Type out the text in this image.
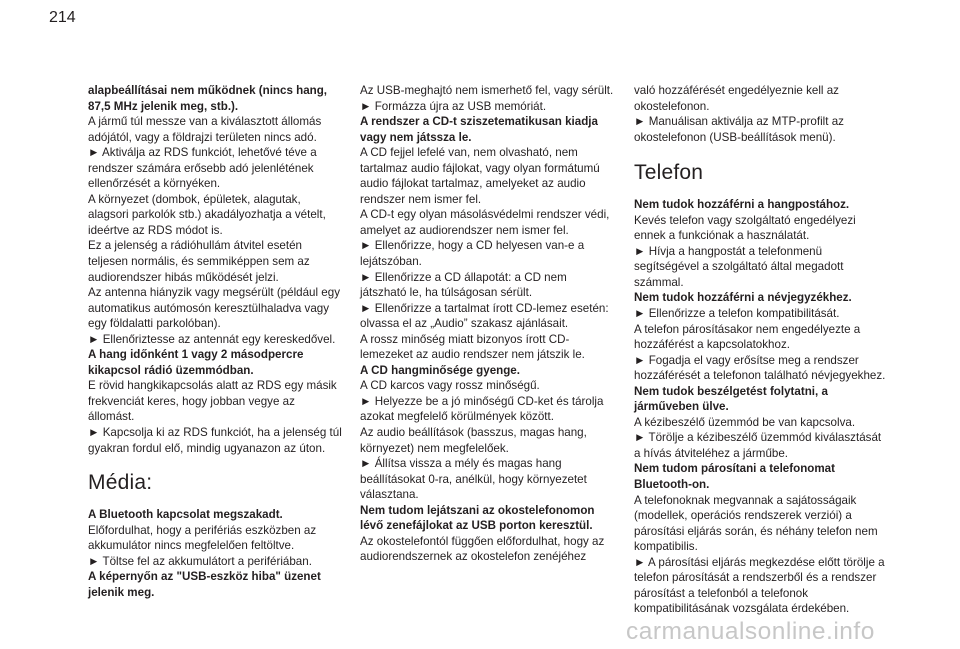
214

alapbeállításai nem működnek (nincs hang, 87,5 MHz jelenik meg, stb.).

A jármű túl messze van a kiválasztott állomás adójától, vagy a földrajzi területen nincs adó.

► Aktiválja az RDS funkciót, lehetővé téve a rendszer számára erősebb adó jelenlétének ellenőrzését a környéken.

A környezet (dombok, épületek, alagutak, alagsori parkolók stb.) akadályozhatja a vételt, ideértve az RDS módot is.

Ez a jelenség a rádióhullám átvitel esetén teljesen normális, és semmiképpen sem az audiorendszer hibás működését jelzi.

Az antenna hiányzik vagy megsérült (például egy automatikus autómosón keresztülhaladva vagy egy földalatti parkolóban).

► Ellenőriztesse az antennát egy kereskedővel.

A hang időnként 1 vagy 2 másodpercre kikapcsol rádió üzemmódban.

E rövid hangkikapcsolás alatt az RDS egy másik frekvenciát keres, hogy jobban vegye az állomást.

► Kapcsolja ki az RDS funkciót, ha a jelenség túl gyakran fordul elő, mindig ugyanazon az úton.

Média:

A Bluetooth kapcsolat megszakadt.

Előfordulhat, hogy a perifériás eszközben az akkumulátor nincs megfelelően feltöltve.

► Töltse fel az akkumulátort a perifériában.

A képernyőn az "USB-eszköz hiba" üzenet jelenik meg.

Az USB-meghajtó nem ismerhető fel, vagy sérült.

► Formázza újra az USB memóriát.

A rendszer a CD-t sziszetematikusan kiadja vagy nem játssza le.

A CD fejjel lefelé van, nem olvasható, nem tartalmaz audio fájlokat, vagy olyan formátumú audio fájlokat tartalmaz, amelyeket az audio rendszer nem ismer fel.

A CD-t egy olyan másolásvédelmi rendszer védi, amelyet az audiorendszer nem ismer fel.

► Ellenőrizze, hogy a CD helyesen van-e a lejátszóban.

► Ellenőrizze a CD állapotát: a CD nem játszható le, ha túlságosan sérült.

► Ellenőrizze a tartalmat írott CD-lemez esetén: olvassa el az „Audio” szakasz ajánlásait.

A rossz minőség miatt bizonyos írott CD-lemezeket az audio rendszer nem játszik le.

A CD hangminősége gyenge.

A CD karcos vagy rossz minőségű.

► Helyezze be a jó minőségű CD-ket és tárolja azokat megfelelő körülmények között.

Az audio beállítások (basszus, magas hang, környezet) nem megfelelőek.

► Állítsa vissza a mély és magas hang beállításokat 0-ra, anélkül, hogy környezetet választana.

Nem tudom lejátszani az okostelefonomon lévő zenefájlokat az USB porton keresztül.

Az okostelefontól függően előfordulhat, hogy az audiorendszernek az okostelefon zenéjéhez

való hozzáférését engedélyeznie kell az okostelefonon.

► Manuálisan aktiválja az MTP-profilt az okostelefonon (USB-beállítások menü).

Telefon

Nem tudok hozzáférni a hangpostához.

Kevés telefon vagy szolgáltató engedélyezi ennek a funkciónak a használatát.

► Hívja a hangpostát a telefonmenü segítségével a szolgáltató által megadott számmal.

Nem tudok hozzáférni a névjegyzékhez.

► Ellenőrizze a telefon kompatibilitását.

A telefon párosításakor nem engedélyezte a hozzáférést a kapcsolatokhoz.

► Fogadja el vagy erősítse meg a rendszer hozzáférését a telefonon található névjegyekhez.

Nem tudok beszélgetést folytatni, a járműveben ülve.

A kézibeszélő üzemmód be van kapcsolva.

► Törölje a kézibeszélő üzemmód kiválasztását a hívás átviteléhez a járműbe.

Nem tudom párosítani a telefonomat Bluetooth-on.

A telefonoknak megvannak a sajátosságaik (modellek, operációs rendszerek verziói) a párosítási eljárás során, és néhány telefon nem kompatibilis.

► A párosítási eljárás megkezdése előtt törölje a telefon párosítását a rendszerből és a rendszer párosítást a telefonból a telefonok kompatibilitásának vozsgálata érdekében.

carmanualsonline.info
